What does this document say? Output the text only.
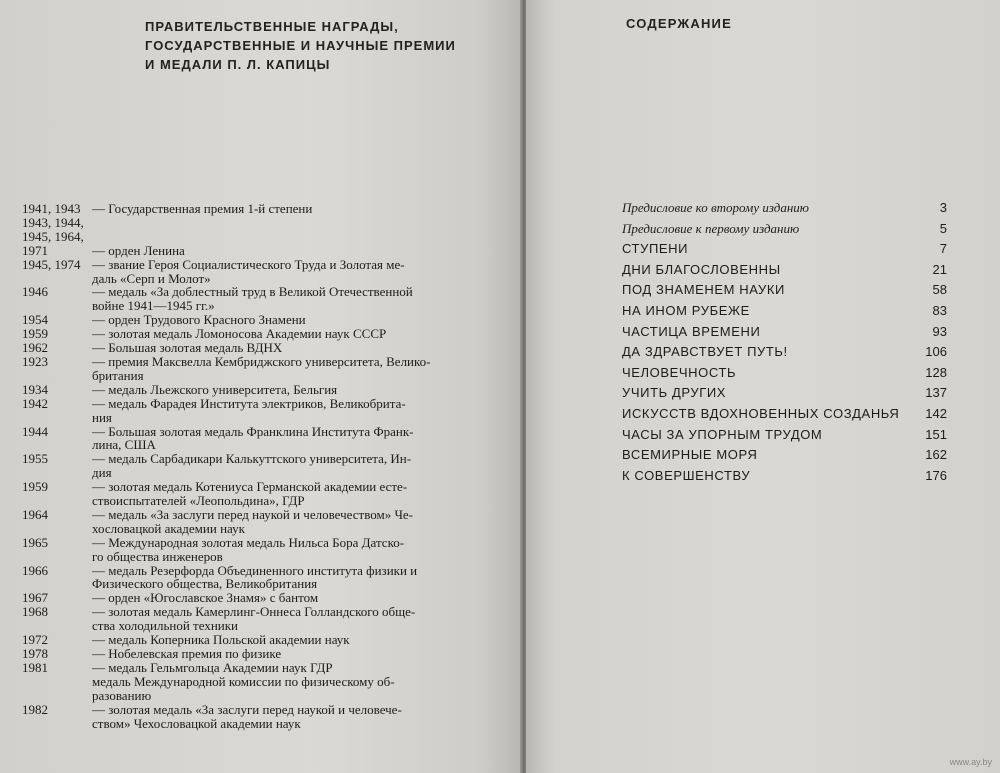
ПРАВИТЕЛЬСТВЕННЫЕ НАГРАДЫ,
ГОСУДАРСТВЕННЫЕ И НАУЧНЫЕ ПРЕМИИ
И МЕДАЛИ П. Л. КАПИЦЫ
1941, 1943 — Государственная премия 1-й степени
1943, 1944,

1945, 1964,

1971	— орден Ленина
1945, 1974 — звание Героя Социалистического Труда и Золотая ме-
дaль «Серп и Молот»
1946	— медаль «За доблестный труд в Великой Отечественной
войне 1941—1945 гг.»
1954	— орден Трудового Красного Знамени
1959	— золотая медаль Ломоносова Академии наук СССР
1962	— Большая золотая медаль ВДНХ
1923	— премия Максвелла Кембриджского университета, Велико-
британия
1934	— медаль Льежского университета, Бельгия
1942	— медаль Фарадея Института электриков, Великобрита-
ния
1944	— Большая золотая медаль Франклина Института Франк-
лина, США
1955	— медаль Сарбадикари Калькуттского университета, Ин-
дия
1959	— золотая медаль Котениуса Германской академии есте-
ствоиспытателей «Леопольдина», ГДР
1964	— медаль «За заслуги перед наукой и человечеством» Че-
хословацкой академии наук
1965	— Международная золотая медаль Нильса Бора Датско-
го общества инженеров
1966	— медаль Резерфорда Объединенного института физики и
Физического общества, Великобритания
1967	— орден «Югославское Знамя» с бантом
1968	— золотая медаль Камерлинг-Оннеса Голландского обще-
ства холодильной техники
1972	— медаль Коперника Польской академии наук
1978	— Нобелевская премия по физике
1981	— медаль Гельмгольца Академии наук ГДР
медаль Международной комиссии по физическому об-
разованию
1982	— золотая медаль «За заслуги перед наукой и человече-
ством» Чехословацкой академии наук
СОДЕРЖАНИЕ
Предисловие ко второму изданию	3
Предисловие к первому изданию	5
СТУПЕНИ	7
ДНИ БЛАГОСЛОВЕННЫ	21
ПОД ЗНАМЕНЕМ НАУКИ	58
НА ИНОМ РУБЕЖЕ	83
ЧАСТИЦА ВРЕМЕНИ	93
ДА ЗДРАВСТВУЕТ ПУТЬ!	106
ЧЕЛОВЕЧНОСТЬ	128
УЧИТЬ ДРУГИХ	137
ИСКУССТВ ВДОХНОВЕННЫХ СОЗДАНЬЯ 142
ЧАСЫ ЗА УПОРНЫМ ТРУДОМ	151
ВСЕМИРНЫЕ МОРЯ	162
К СОВЕРШЕНСТВУ	176
www.ay.by
